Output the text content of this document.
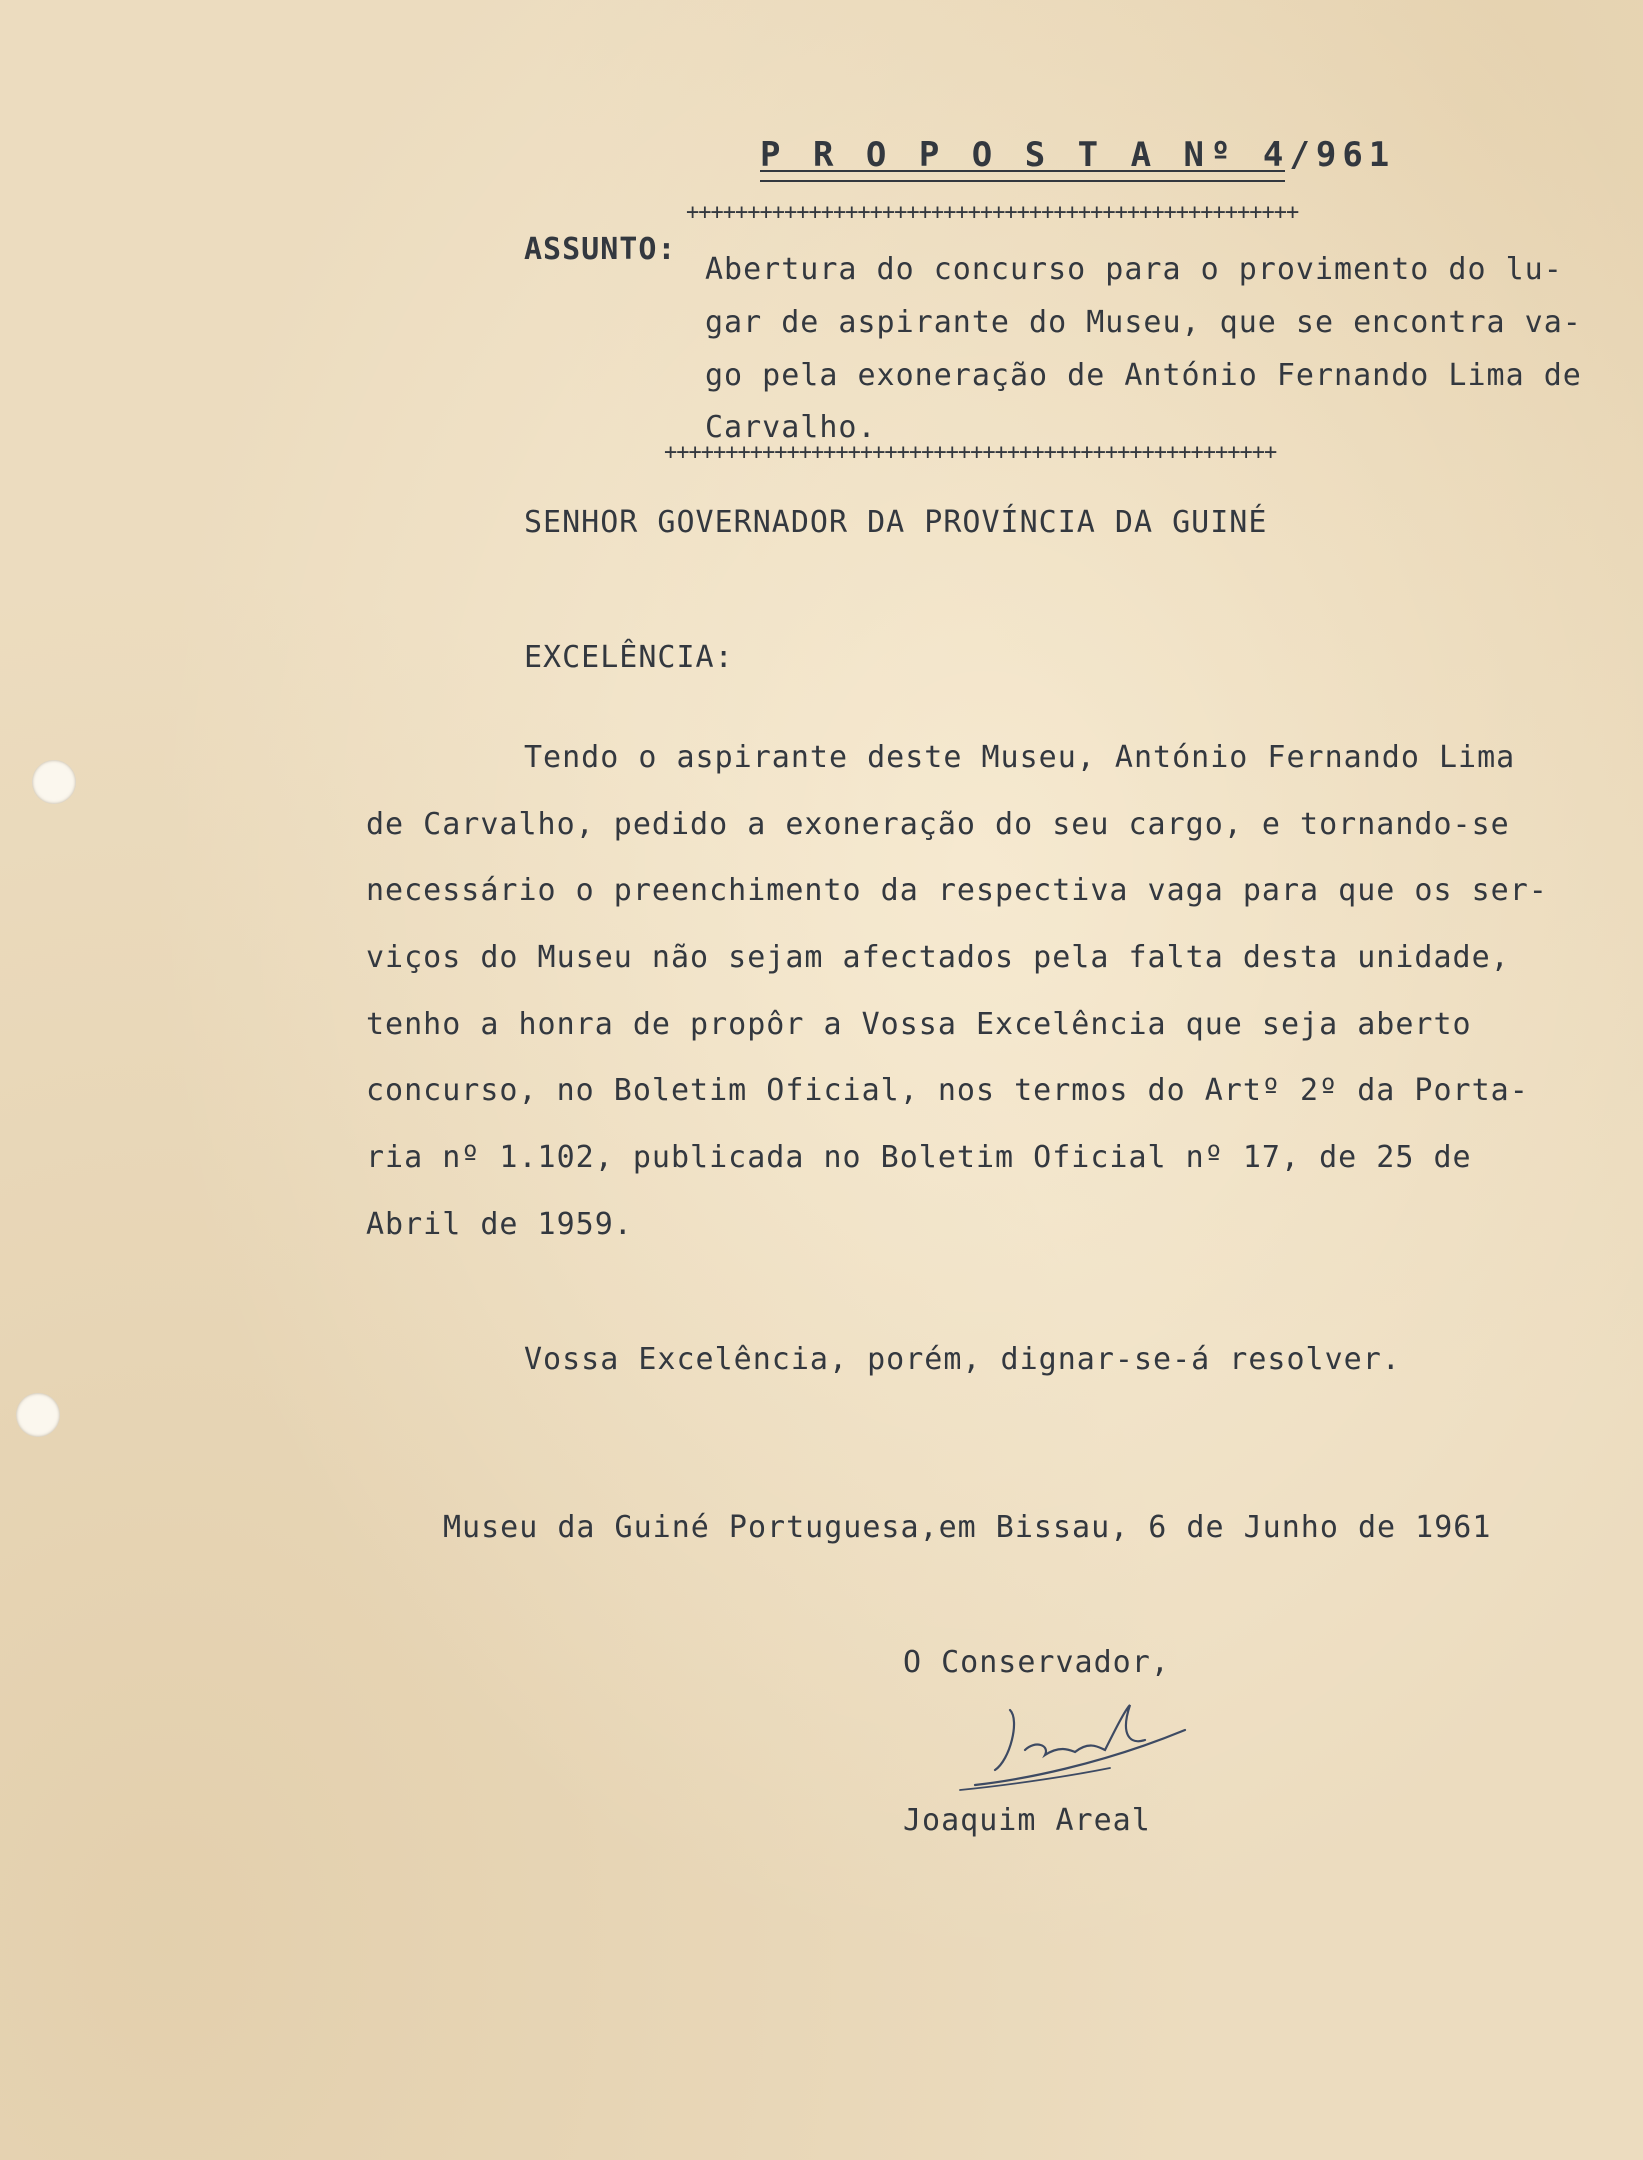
P R O P O S T A Nº 4/961
++++++++++++++++++++++++++++++++++++++++++++++++++
ASSUNTO:
Abertura do concurso para o provimento do lu-
gar de aspirante do Museu, que se encontra va-
go pela exoneração de António Fernando Lima de
Carvalho.
++++++++++++++++++++++++++++++++++++++++++++++++++
SENHOR GOVERNADOR DA PROVÍNCIA DA GUINÉ
EXCELÊNCIA:
Tendo o aspirante deste Museu, António Fernando Lima
de Carvalho, pedido a exoneração do seu cargo, e tornando-se
necessário o preenchimento da respectiva vaga para que os ser-
viços do Museu não sejam afectados pela falta desta unidade,
tenho a honra de propôr a Vossa Excelência que seja aberto
concurso, no Boletim Oficial, nos termos do Artº 2º da Porta-
ria nº 1.102, publicada no Boletim Oficial nº 17, de 25 de
Abril de 1959.
Vossa Excelência, porém, dignar-se-á resolver.
Museu da Guiné Portuguesa,em Bissau, 6 de Junho de 1961
O Conservador,
Joaquim Areal
